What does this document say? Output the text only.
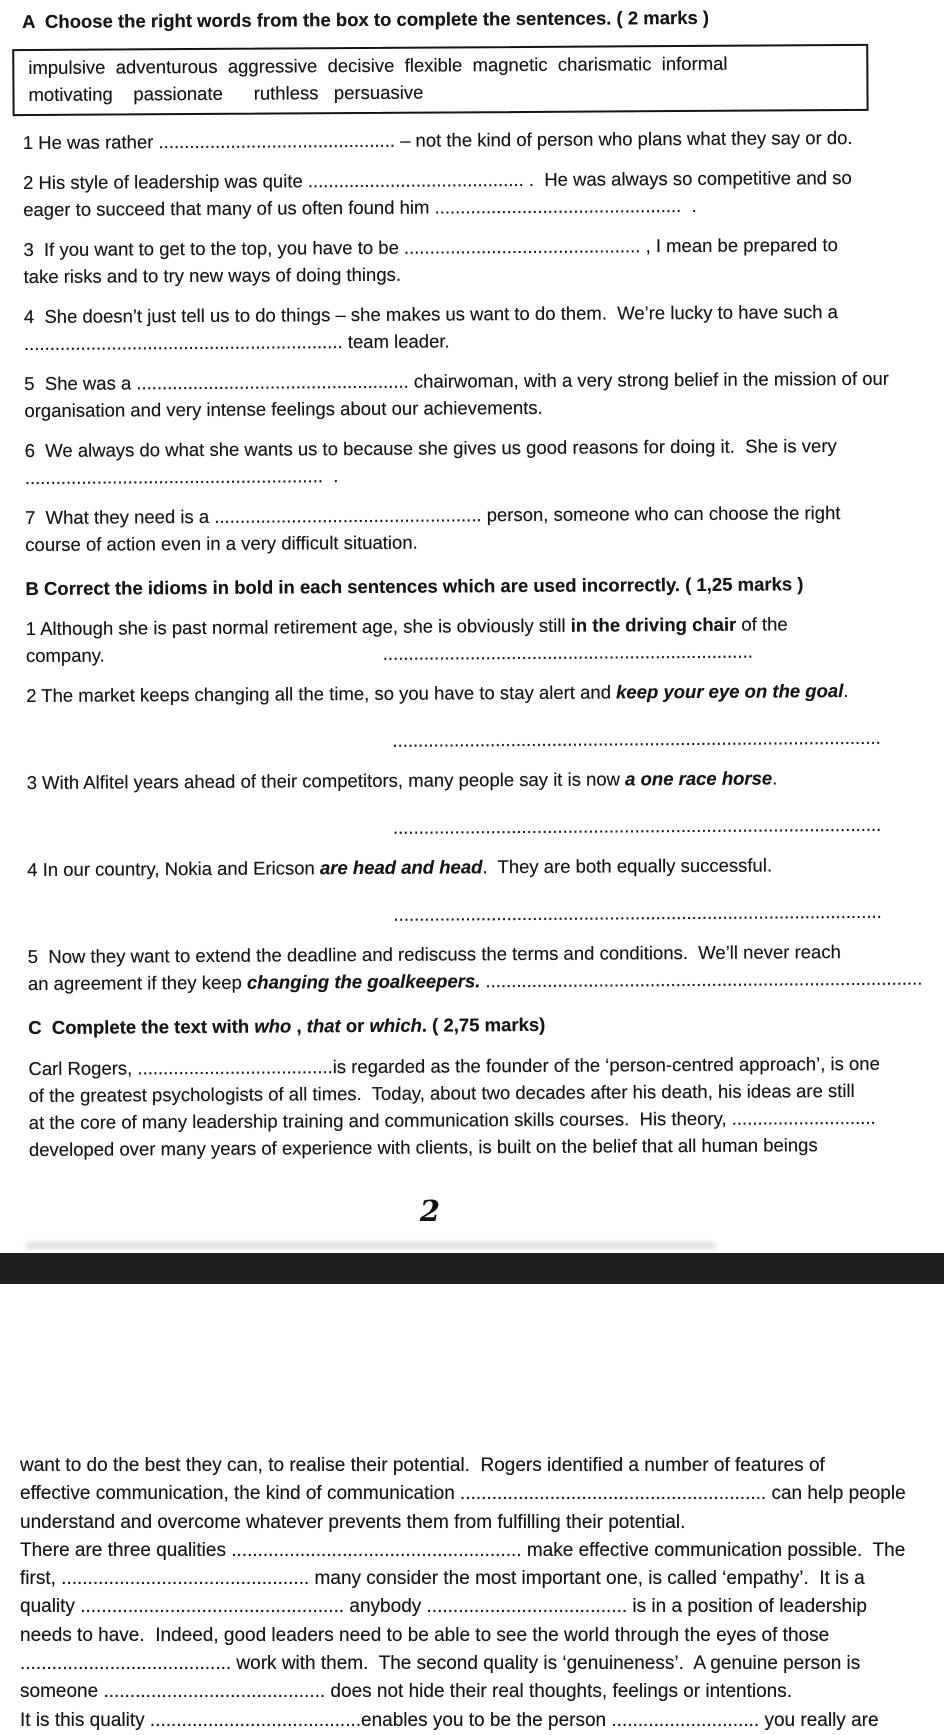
A  Choose the right words from the box to complete the sentences. ( 2 marks )
impulsive  adventurous  aggressive  decisive  flexible  magnetic  charismatic  informal
motivating    passionate      ruthless   persuasive
1 He was rather .............................................. – not the kind of person who plans what they say or do.
2 His style of leadership was quite .......................................... .  He was always so competitive and so
eager to succeed that many of us often found him ................................................  .
3  If you want to get to the top, you have to be .............................................. , I mean be prepared to
take risks and to try new ways of doing things.
4  She doesn’t just tell us to do things – she makes us want to do them.  We’re lucky to have such a
.............................................................. team leader.
5  She was a ..................................................... chairwoman, with a very strong belief in the mission of our
organisation and very intense feelings about our achievements.
6  We always do what she wants us to because she gives us good reasons for doing it.  She is very
..........................................................  .
7  What they need is a .................................................... person, someone who can choose the right
course of action even in a very difficult situation.
B Correct the idioms in bold in each sentences which are used incorrectly. ( 1,25 marks )
1 Although she is past normal retirement age, she is obviously still in the driving chair of the
company.	........................................................................
2 The market keeps changing all the time, so you have to stay alert and keep your eye on the goal.
...............................................................................................
3 With Alfitel years ahead of their competitors, many people say it is now a one race horse.
...............................................................................................
4 In our country, Nokia and Ericson are head and head.  They are both equally successful.
...............................................................................................
5  Now they want to extend the deadline and rediscuss the terms and conditions.  We’ll never reach
an agreement if they keep changing the goalkeepers. .....................................................................................
C  Complete the text with who , that or which. ( 2,75 marks)
Carl Rogers, ......................................is regarded as the founder of the ‘person-centred approach’, is one
of the greatest psychologists of all times.  Today, about two decades after his death, his ideas are still
at the core of many leadership training and communication skills courses.  His theory, ............................
developed over many years of experience with clients, is built on the belief that all human beings
2
want to do the best they can, to realise their potential.  Rogers identified a number of features of
effective communication, the kind of communication .......................................................... can help people
understand and overcome whatever prevents them from fulfilling their potential.
There are three qualities ....................................................... make effective communication possible.  The
first, ............................................... many consider the most important one, is called ‘empathy’.  It is a
quality .................................................. anybody ...................................... is in a position of leadership
needs to have.  Indeed, good leaders need to be able to see the world through the eyes of those
........................................ work with them.  The second quality is ‘genuineness’.  A genuine person is
someone .......................................... does not hide their real thoughts, feelings or intentions.
It is this quality ........................................enables you to be the person ............................ you really are
